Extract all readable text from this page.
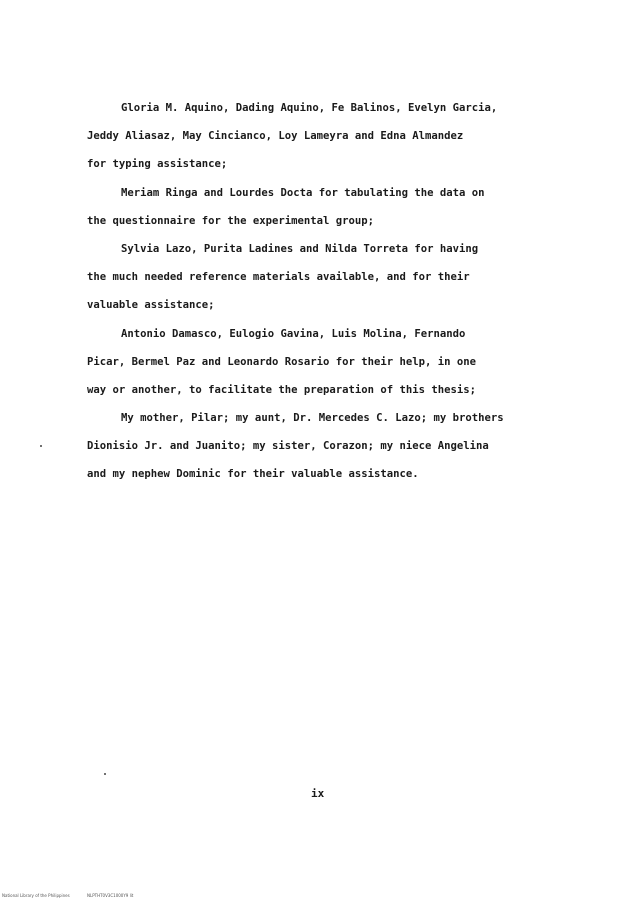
Gloria M. Aquino, Dading Aquino, Fe Balinos, Evelyn Garcia,
Jeddy Aliasaz, May Cincianco, Loy Lameyra and Edna Almandez
for typing assistance;
Meriam Ringa and Lourdes Docta for tabulating the data on
the questionnaire for the experimental group;
Sylvia Lazo, Purita Ladines and Nilda Torreta for having
the much needed reference materials available, and for their
valuable assistance;
Antonio Damasco, Eulogio Gavina, Luis Molina, Fernando
Picar, Bermel Paz and Leonardo Rosario for their help, in one
way or another, to facilitate the preparation of this thesis;
My mother, Pilar; my aunt, Dr. Mercedes C. Lazo; my brothers
Dionisio Jr. and Juanito; my sister, Corazon; my niece Angelina
and my nephew Dominic for their valuable assistance.
ix
National Library of the Philippines	NLPTHT0V3C1000Y9 lit
